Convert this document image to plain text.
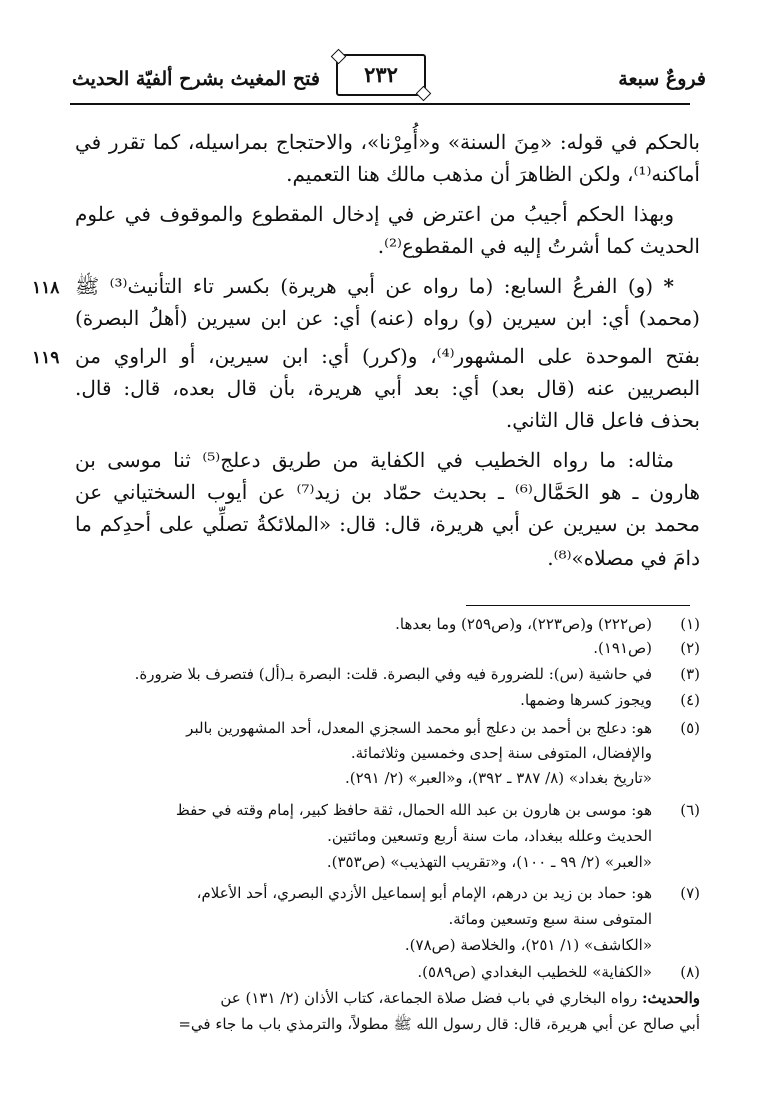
فروعٌ سبعة
٢٣٢
فتح المغيث بشرح ألفيّة الحديث
بالحكم في قوله: «مِنَ السنة» و«أُمِرْنا»، والاحتجاج بمراسيله، كما تقرر في
أماكنه⁽¹⁾، ولكن الظاهرَ أن مذهب مالك هنا التعميم.
وبهذا الحكم أجيبُ من اعترض في إدخال المقطوع والموقوف في علوم
الحديث كما أشرتُ إليه في المقطوع⁽²⁾.
١١٨	* (و) الفرعُ السابع: (ما رواه عن أبي هريرة) بكسر تاء التأنيث⁽³⁾ ﷺ
(محمد) أي: ابن سيرين (و) رواه (عنه) أي: عن ابن سيرين (أهلُ البصرة)
١١٩ بفتح الموحدة على المشهور⁽⁴⁾، و(كرر) أي: ابن سيرين، أو الراوي من
البصريين عنه (قال بعد) أي: بعد أبي هريرة، بأن قال بعده، قال: قال.
بحذف فاعل قال الثاني.
مثاله: ما رواه الخطيب في الكفاية من طريق دعلج⁽⁵⁾ ثنا موسى بن
هارون ـ هو الحَمَّال⁽⁶⁾ ـ بحديث حمّاد بن زيد⁽⁷⁾ عن أيوب السختياني عن
محمد بن سيرين عن أبي هريرة، قال: قال: «الملائكةُ تصلِّي على أحدِكم ما
دامَ في مصلاه»⁽⁸⁾.
(١)
(ص٢٢٢) و(ص٢٢٣)، و(ص٢٥٩) وما بعدها.
(٢)
(ص١٩١).
(٣)
في حاشية (س): للضرورة فيه وفي البصرة. قلت: البصرة بـ(أل) فتصرف بلا ضرورة.
(٤)
ويجوز كسرها وضمها.
(٥)
هو: دعلج بن أحمد بن دعلج أبو محمد السجزي المعدل، أحد المشهورين بالبر
والإفضال، المتوفى سنة إحدى وخمسين وثلاثمائة.
«تاريخ بغداد» (٨/ ٣٨٧ ـ ٣٩٢)، و«العبر» (٢/ ٢٩١).
(٦)
هو: موسى بن هارون بن عبد الله الحمال، ثقة حافظ كبير، إمام وقته في حفظ
الحديث وعلله ببغداد، مات سنة أربع وتسعين ومائتين.
«العبر» (٢/ ٩٩ ـ ١٠٠)، و«تقريب التهذيب» (ص٣٥٣).
(٧)
هو: حماد بن زيد بن درهم، الإمام أبو إسماعيل الأزدي البصري، أحد الأعلام،
المتوفى سنة سبع وتسعين ومائة.
«الكاشف» (١/ ٢٥١)، والخلاصة (ص٧٨).
(٨)
«الكفاية» للخطيب البغدادي (ص٥٨٩).
والحديث: رواه البخاري في باب فضل صلاة الجماعة، كتاب الأذان (٢/ ١٣١) عن
أبي صالح عن أبي هريرة، قال: قال رسول الله ﷺ مطولاً، والترمذي باب ما جاء في=
